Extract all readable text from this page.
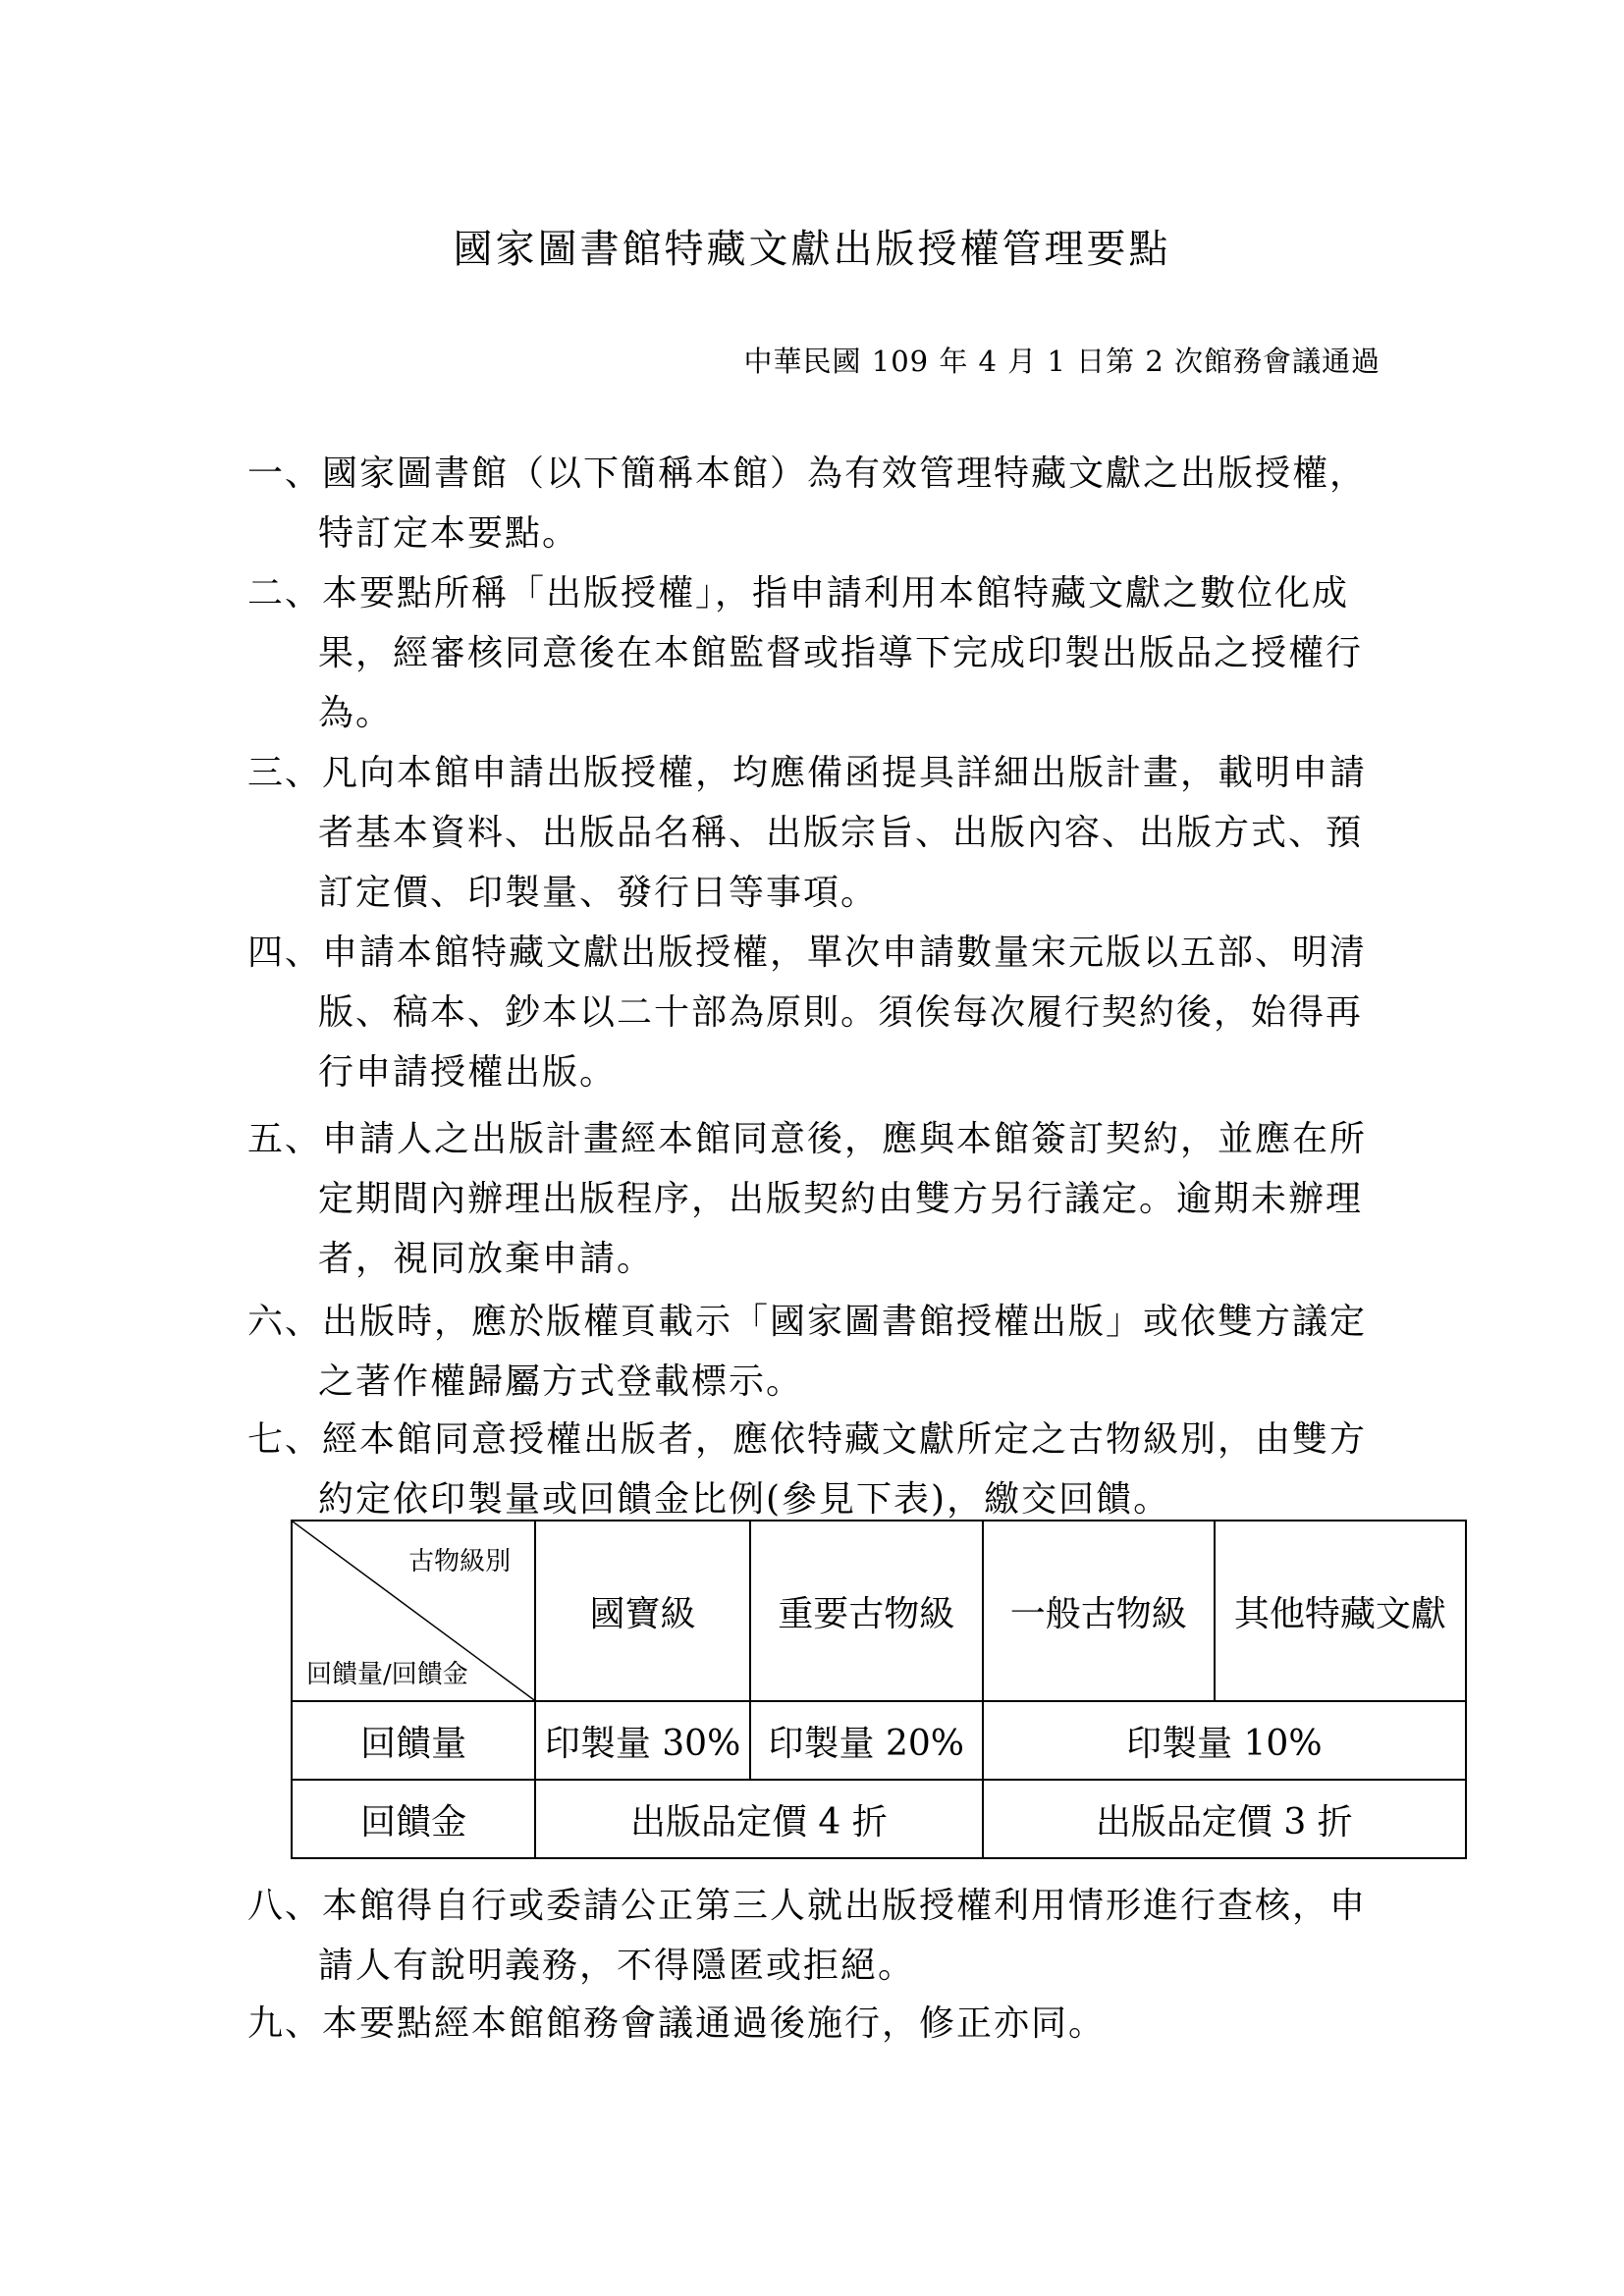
國家圖書館特藏文獻出版授權管理要點
中華民國 109 年 4 月 1 日第 2 次館務會議通過
一、國家圖書館（以下簡稱本館）為有效管理特藏文獻之出版授權，
特訂定本要點。
二、本要點所稱「出版授權」，指申請利用本館特藏文獻之數位化成
果，經審核同意後在本館監督或指導下完成印製出版品之授權行
為。
三、凡向本館申請出版授權，均應備函提具詳細出版計畫，載明申請
者基本資料、出版品名稱、出版宗旨、出版內容、出版方式、預
訂定價、印製量、發行日等事項。
四、申請本館特藏文獻出版授權，單次申請數量宋元版以五部、明清
版、稿本、鈔本以二十部為原則。須俟每次履行契約後，始得再
行申請授權出版。
五、申請人之出版計畫經本館同意後，應與本館簽訂契約，並應在所
定期間內辦理出版程序，出版契約由雙方另行議定。逾期未辦理
者，視同放棄申請。
六、出版時，應於版權頁載示「國家圖書館授權出版」或依雙方議定
之著作權歸屬方式登載標示。
七、經本館同意授權出版者，應依特藏文獻所定之古物級別，由雙方
約定依印製量或回饋金比例(參見下表)，繳交回饋。
古物級別
回饋量/回饋金	國寶級	重要古物級	一般古物級	其他特藏文獻
回饋量	印製量 30%	印製量 20%	印製量 10%	
回饋金	出版品定價 4 折		出版品定價 3 折	
八、本館得自行或委請公正第三人就出版授權利用情形進行查核，申
請人有說明義務，不得隱匿或拒絕。
九、本要點經本館館務會議通過後施行，修正亦同。
